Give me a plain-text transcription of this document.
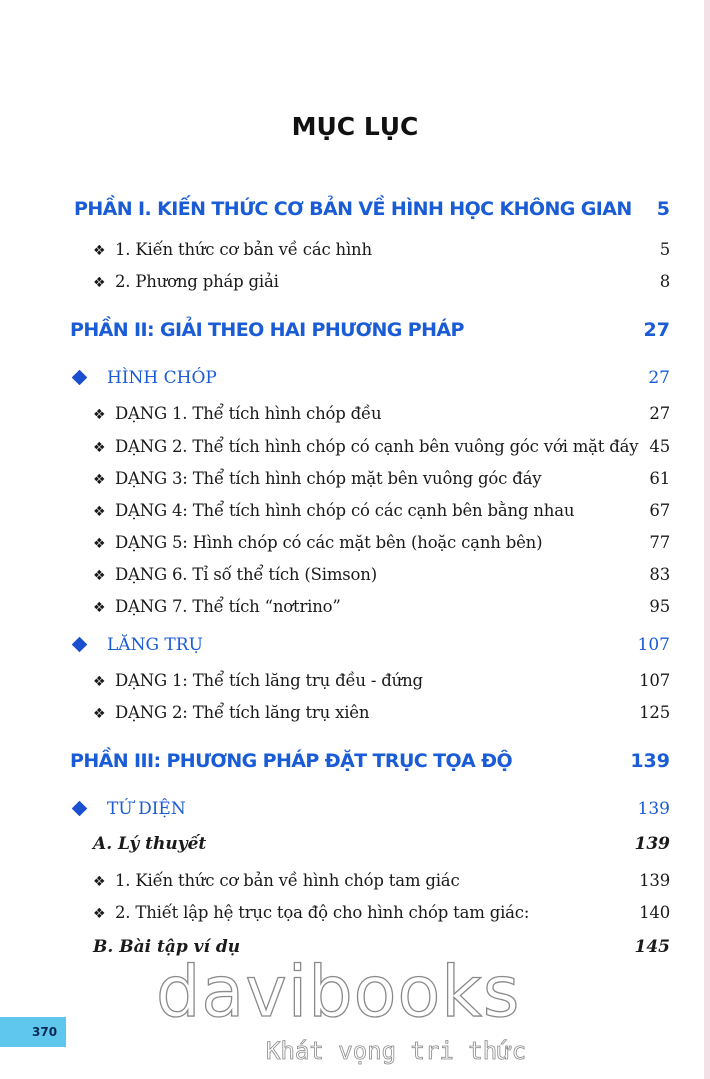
MỤC LỤC
PHẦN I. KIẾN THỨC CƠ BẢN VỀ HÌNH HỌC KHÔNG GIAN 5
❖ 1. Kiến thức cơ bản về các hình	5
❖ 2. Phương pháp giải	8
PHẦN II: GIẢI THEO HAI PHƯƠNG PHÁP	27
HÌNH CHÓP	27
❖ DẠNG 1. Thể tích hình chóp đều	27
❖ DẠNG 2. Thể tích hình chóp có cạnh bên vuông góc với mặt đáy 45
❖ DẠNG 3: Thể tích hình chóp mặt bên vuông góc đáy	61
❖ DẠNG 4: Thể tích hình chóp có các cạnh bên bằng nhau	67
❖ DẠNG 5: Hình chóp có các mặt bên (hoặc cạnh bên)	77
❖ DẠNG 6. Tỉ số thể tích (Simson)	83
❖ DẠNG 7. Thể tích “nơtrino”	95
LĂNG TRỤ	107
❖ DẠNG 1: Thể tích lăng trụ đều - đứng	107
❖ DẠNG 2: Thể tích lăng trụ xiên	125
PHẦN III: PHƯƠNG PHÁP ĐẶT TRỤC TỌA ĐỘ	139
TỨ DIỆN	139
A. Lý thuyết	139
❖ 1. Kiến thức cơ bản về hình chóp tam giác	139
❖ 2. Thiết lập hệ trục tọa độ cho hình chóp tam giác:	140
B. Bài tập ví dụ	145
370 davibooks
Khát vọng tri thức
